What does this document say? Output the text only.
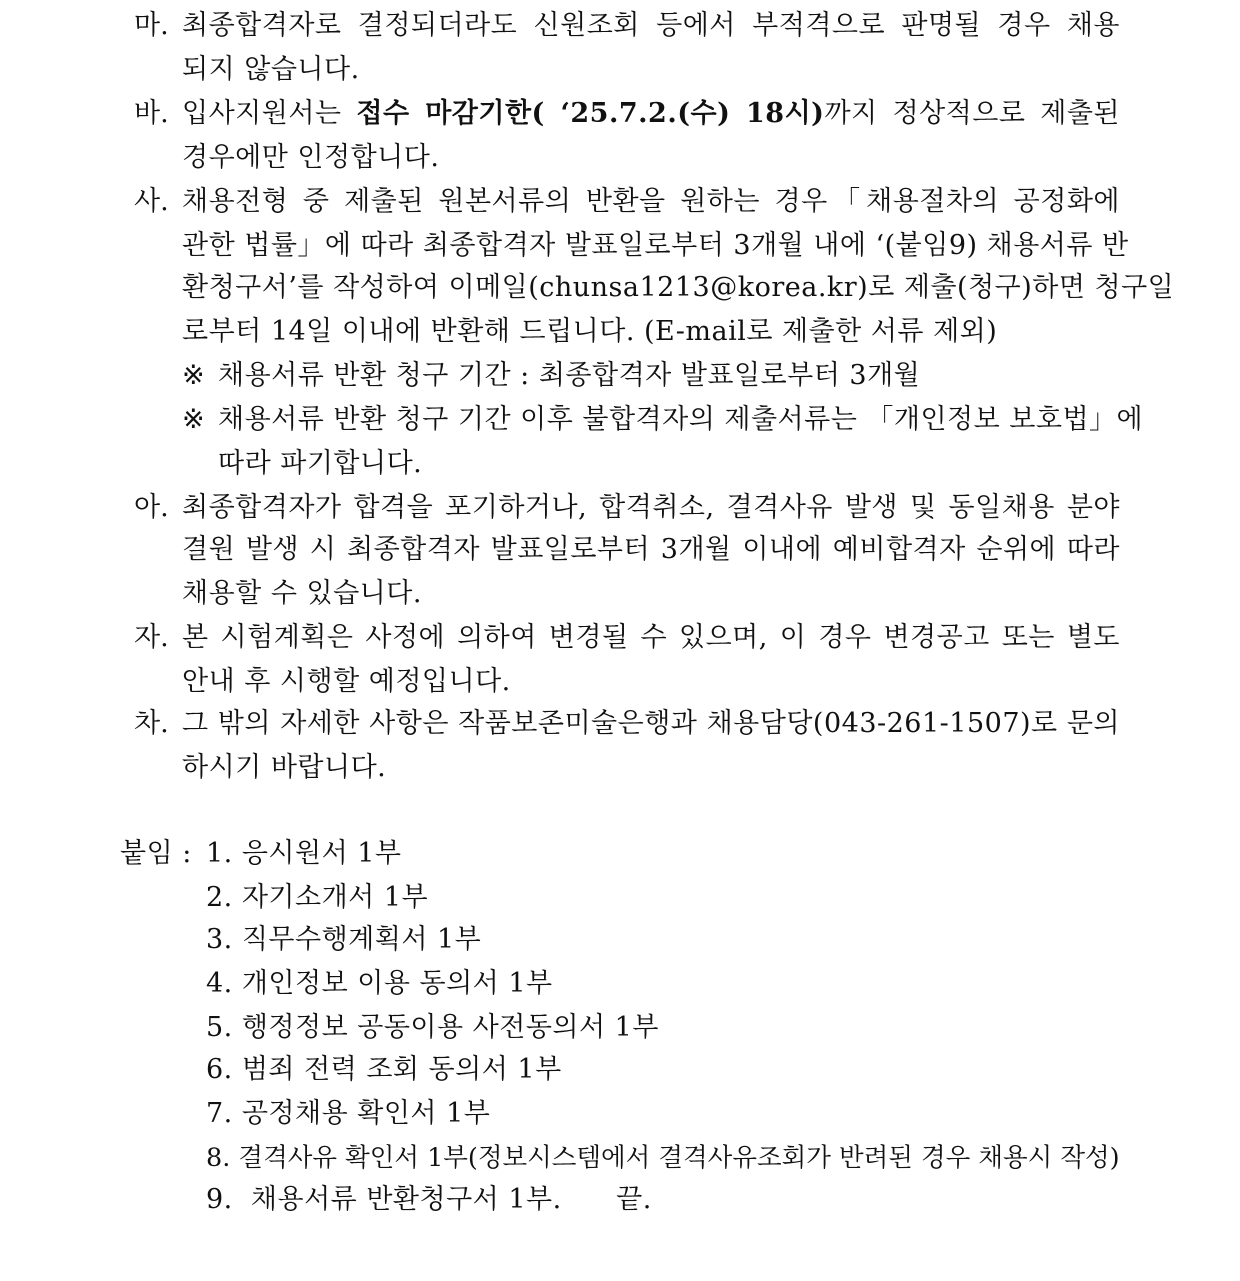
마. 최종합격자로 결정되더라도 신원조회 등에서 부적격으로 판명될 경우 채용
되지 않습니다.
바. 입사지원서는 접수 마감기한( ‘25.7.2.(수) 18시)까지 정상적으로 제출된
경우에만 인정합니다.
사. 채용전형 중 제출된 원본서류의 반환을 원하는 경우「채용절차의 공정화에
관한 법률」에 따라 최종합격자 발표일로부터 3개월 내에 ‘(붙임9) 채용서류 반
환청구서’를 작성하여 이메일(chunsa1213@korea.kr)로 제출(청구)하면 청구일
로부터 14일 이내에 반환해 드립니다. (E-mail로 제출한 서류 제외)
※ 채용서류 반환 청구 기간 : 최종합격자 발표일로부터 3개월
※ 채용서류 반환 청구 기간 이후 불합격자의 제출서류는 「개인정보 보호법」에
따라 파기합니다.
아. 최종합격자가 합격을 포기하거나, 합격취소, 결격사유 발생 및 동일채용 분야
결원 발생 시 최종합격자 발표일로부터 3개월 이내에 예비합격자 순위에 따라
채용할 수 있습니다.
자. 본 시험계획은 사정에 의하여 변경될 수 있으며, 이 경우 변경공고 또는 별도
안내 후 시행할 예정입니다.
차. 그 밖의 자세한 사항은 작품보존미술은행과 채용담당(043-261-1507)로 문의
하시기 바랍니다.
붙임 : 1. 응시원서 1부
2. 자기소개서 1부
3. 직무수행계획서 1부
4. 개인정보 이용 동의서 1부
5. 행정정보 공동이용 사전동의서 1부
6. 범죄 전력 조회 동의서 1부
7. 공정채용 확인서 1부
8. 결격사유 확인서 1부(정보시스템에서 결격사유조회가 반려된 경우 채용시 작성)
9.  채용서류 반환청구서 1부.      끝.
